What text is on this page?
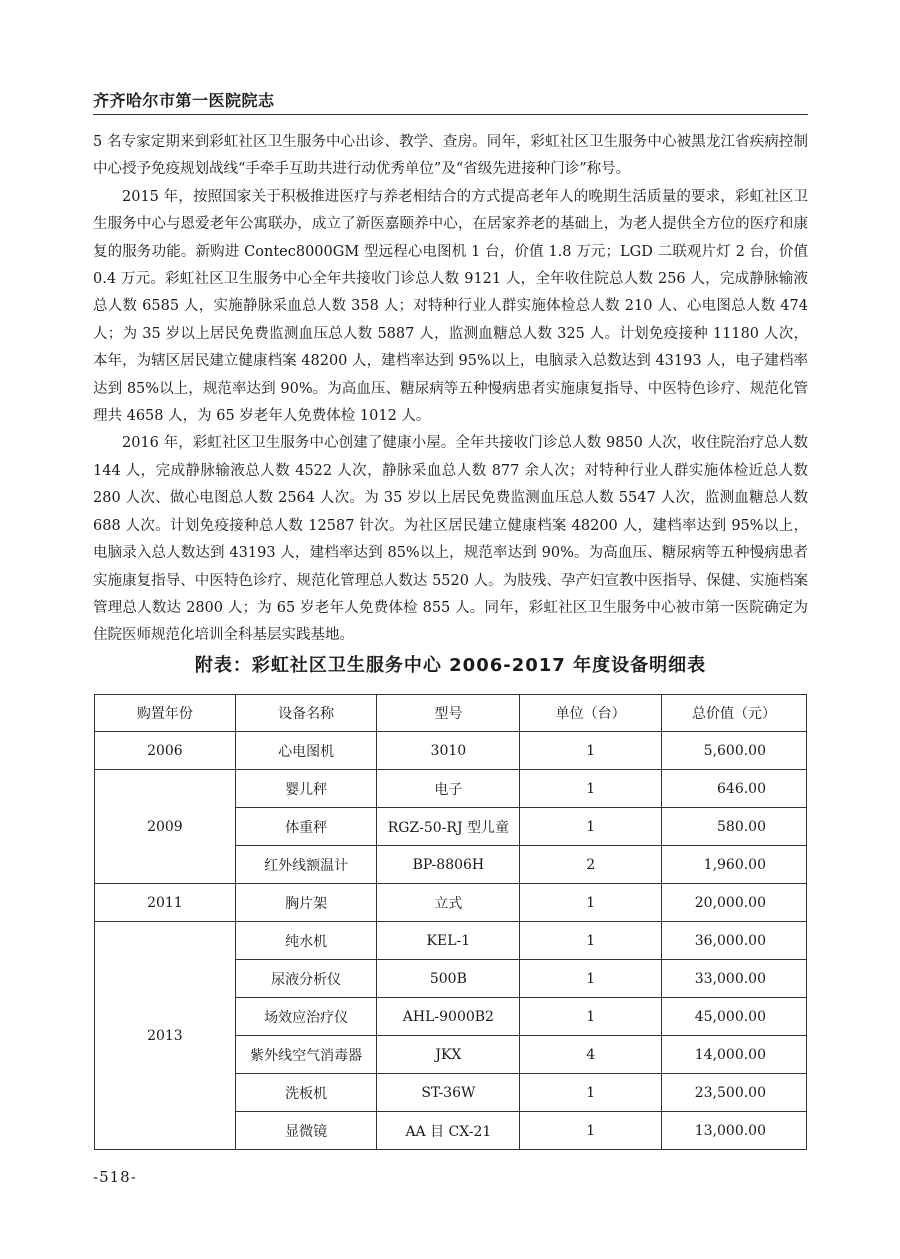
齐齐哈尔市第一医院院志

5 名专家定期来到彩虹社区卫生服务中心出诊、教学、查房。同年，彩虹社区卫生服务中心被黑龙江省疾病控制中心授予免疫规划战线“手牵手互助共进行动优秀单位”及“省级先进接种门诊”称号。

2015 年，按照国家关于积极推进医疗与养老相结合的方式提高老年人的晚期生活质量的要求，彩虹社区卫生服务中心与恩爱老年公寓联办，成立了新医嘉颐养中心，在居家养老的基础上，为老人提供全方位的医疗和康复的服务功能。新购进 Contec8000GM 型远程心电图机 1 台，价值 1.8 万元；LGD 二联观片灯 2 台，价值 0.4 万元。彩虹社区卫生服务中心全年共接收门诊总人数 9121 人，全年收住院总人数 256 人，完成静脉输液总人数 6585 人，实施静脉采血总人数 358 人；对特种行业人群实施体检总人数 210 人、心电图总人数 474 人；为 35 岁以上居民免费监测血压总人数 5887 人，监测血糖总人数 325 人。计划免疫接种 11180 人次，本年，为辖区居民建立健康档案 48200 人，建档率达到 95%以上，电脑录入总数达到 43193 人，电子建档率达到 85%以上，规范率达到 90%。为高血压、糖尿病等五种慢病患者实施康复指导、中医特色诊疗、规范化管理共 4658 人，为 65 岁老年人免费体检 1012 人。

2016 年，彩虹社区卫生服务中心创建了健康小屋。全年共接收门诊总人数 9850 人次，收住院治疗总人数 144 人，完成静脉输液总人数 4522 人次，静脉采血总人数 877 余人次；对特种行业人群实施体检近总人数 280 人次、做心电图总人数 2564 人次。为 35 岁以上居民免费监测血压总人数 5547 人次，监测血糖总人数 688 人次。计划免疫接种总人数 12587 针次。为社区居民建立健康档案 48200 人，建档率达到 95%以上，电脑录入总人数达到 43193 人，建档率达到 85%以上，规范率达到 90%。为高血压、糖尿病等五种慢病患者实施康复指导、中医特色诊疗、规范化管理总人数达 5520 人。为肢残、孕产妇宣教中医指导、保健、实施档案管理总人数达 2800 人；为 65 岁老年人免费体检 855 人。同年，彩虹社区卫生服务中心被市第一医院确定为住院医师规范化培训全科基层实践基地。

附表：彩虹社区卫生服务中心 2006-2017 年度设备明细表
购置年份	设备名称	型号	单位（台）	总价值（元）
2006	心电图机	3010	1	5,600.00
2009	婴儿秤	电子	1	646.00
	体重秤	RGZ-50-RJ 型儿童	1	580.00
	红外线额温计	BP-8806H	2	1,960.00
2011	胸片架	立式	1	20,000.00
2013	纯水机	KEL-1	1	36,000.00
	尿液分析仪	500B	1	33,000.00
	场效应治疗仪	AHL-9000B2	1	45,000.00
	紫外线空气消毒器	JKX	4	14,000.00
	洗板机	ST-36W	1	23,500.00
	显微镜	AA 目 CX-21	1	13,000.00
-518-
